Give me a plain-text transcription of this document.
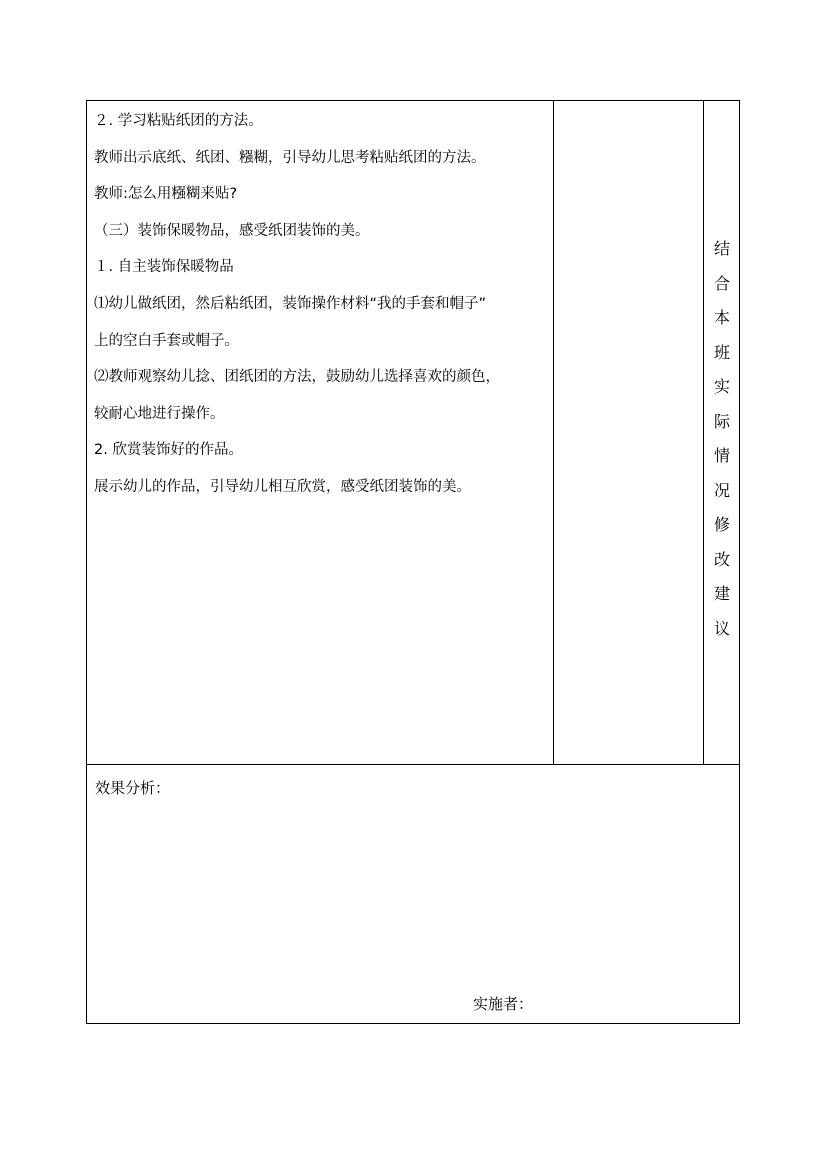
２. 学习粘贴纸团的方法。
教师出示底纸、纸团、糨糊，引导幼儿思考粘贴纸团的方法。
教师:怎么用糨糊来贴?
（三）装饰保暖物品，感受纸团装饰的美。
１. 自主装饰保暖物品
⑴幼儿做纸团，然后粘纸团，装饰操作材料“我的手套和帽子”
上的空白手套或帽子。
⑵教师观察幼儿捻、团纸团的方法，鼓励幼儿选择喜欢的颜色，
较耐心地进行操作。
2. 欣赏装饰好的作品。
展示幼儿的作品，引导幼儿相互欣赏，感受纸团装饰的美。
结
合
本
班
实
际
情
况
修
改
建
议
效果分析：
实施者：
